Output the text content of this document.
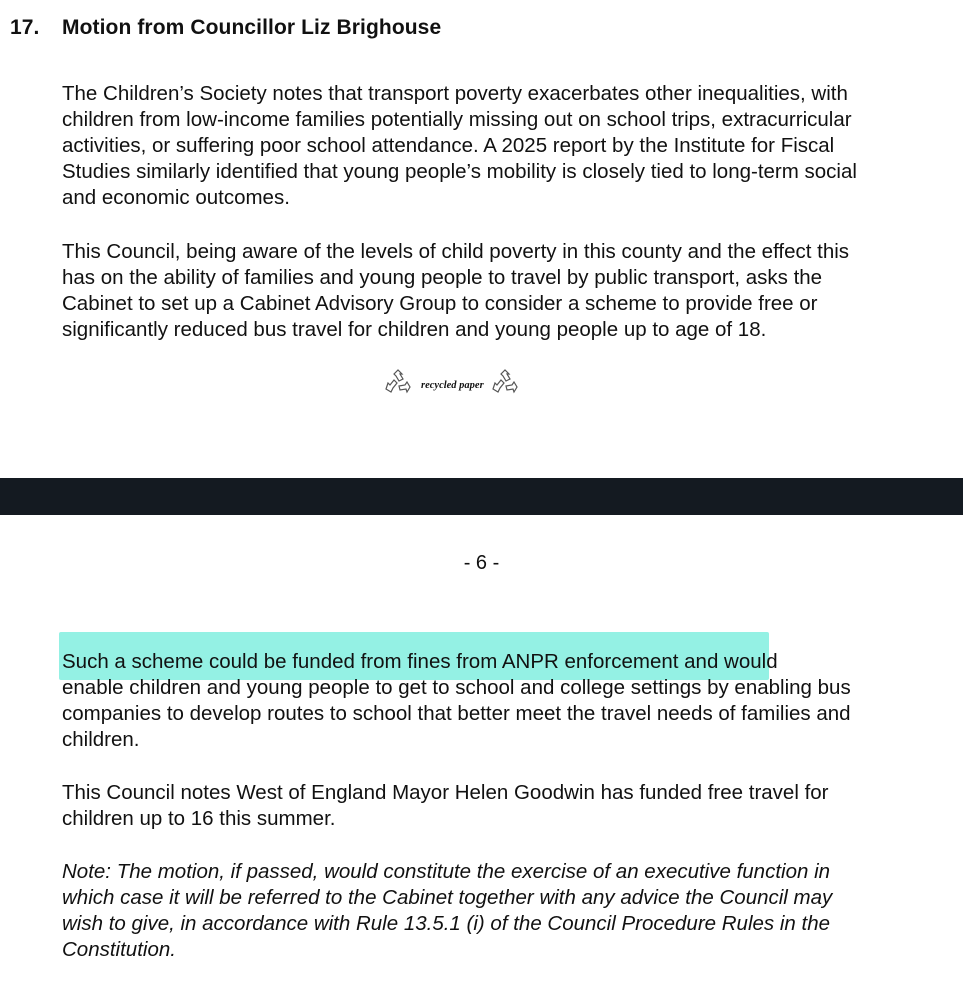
17. Motion from Councillor Liz Brighouse

The Children’s Society notes that transport poverty exacerbates other inequalities, with
children from low-income families potentially missing out on school trips, extracurricular
activities, or suffering poor school attendance. A 2025 report by the Institute for Fiscal
Studies similarly identified that young people’s mobility is closely tied to long-term social
and economic outcomes.

This Council, being aware of the levels of child poverty in this county and the effect this
has on the ability of families and young people to travel by public transport, asks the
Cabinet to set up a Cabinet Advisory Group to consider a scheme to provide free or
significantly reduced bus travel for children and young people up to age of 18.

recycled paper
- 6 -

Such a scheme could be funded from fines from ANPR enforcement and would
enable children and young people to get to school and college settings by enabling bus
companies to develop routes to school that better meet the travel needs of families and
children.

This Council notes West of England Mayor Helen Goodwin has funded free travel for
children up to 16 this summer.

Note: The motion, if passed, would constitute the exercise of an executive function in
which case it will be referred to the Cabinet together with any advice the Council may
wish to give, in accordance with Rule 13.5.1 (i) of the Council Procedure Rules in the
Constitution.
